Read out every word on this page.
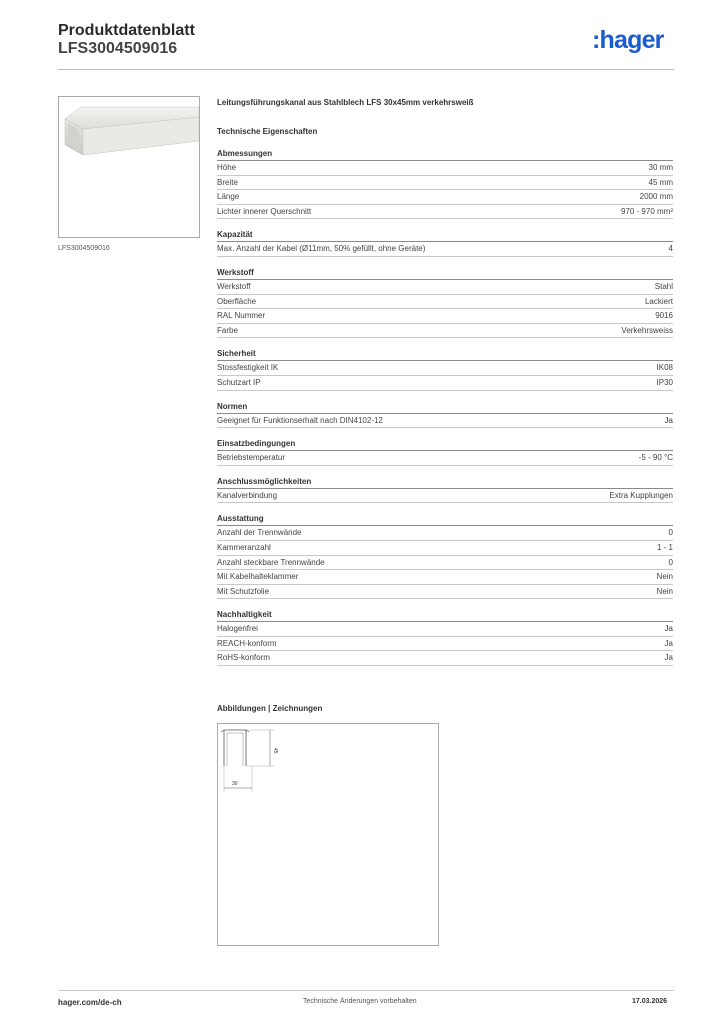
Produktdatenblatt
LFS3004509016	:hager
LFS3004509016
Leitungsführungskanal aus Stahlblech LFS 30x45mm verkehrsweiß
Technische Eigenschaften
Abmessungen
Höhe	30 mm
Breite	45 mm
Länge	2000 mm
Lichter innerer Querschnitt	970 - 970 mm²
Kapazität
Max. Anzahl der Kabel (Ø11mm, 50% gefüllt, ohne Geräte)	4
Werkstoff
Werkstoff	Stahl
Oberfläche	Lackiert
RAL Nummer	9016
Farbe	Verkehrsweiss
Sicherheit
Stossfestigkeit IK	IK08
Schutzart IP	IP30
Normen
Geeignet für Funktionserhalt nach DIN4102-12	Ja
Einsatzbedingungen
Betriebstemperatur	-5 - 90 °C
Anschlussmöglichkeiten
Kanalverbindung	Extra Kupplungen
Ausstattung
Anzahl der Trennwände	0
Kammeranzahl	1 - 1
Anzahl steckbare Trennwände	0
Mit Kabelhalteklammer	Nein
Mit Schutzfolie	Nein
Nachhaltigkeit
Halogenfrei	Ja
REACH-konform	Ja
RoHS-konform	Ja
Abbildungen | Zeichnungen
45
30
hager.com/de-ch	Technische Änderungen vorbehalten	17.03.2026
